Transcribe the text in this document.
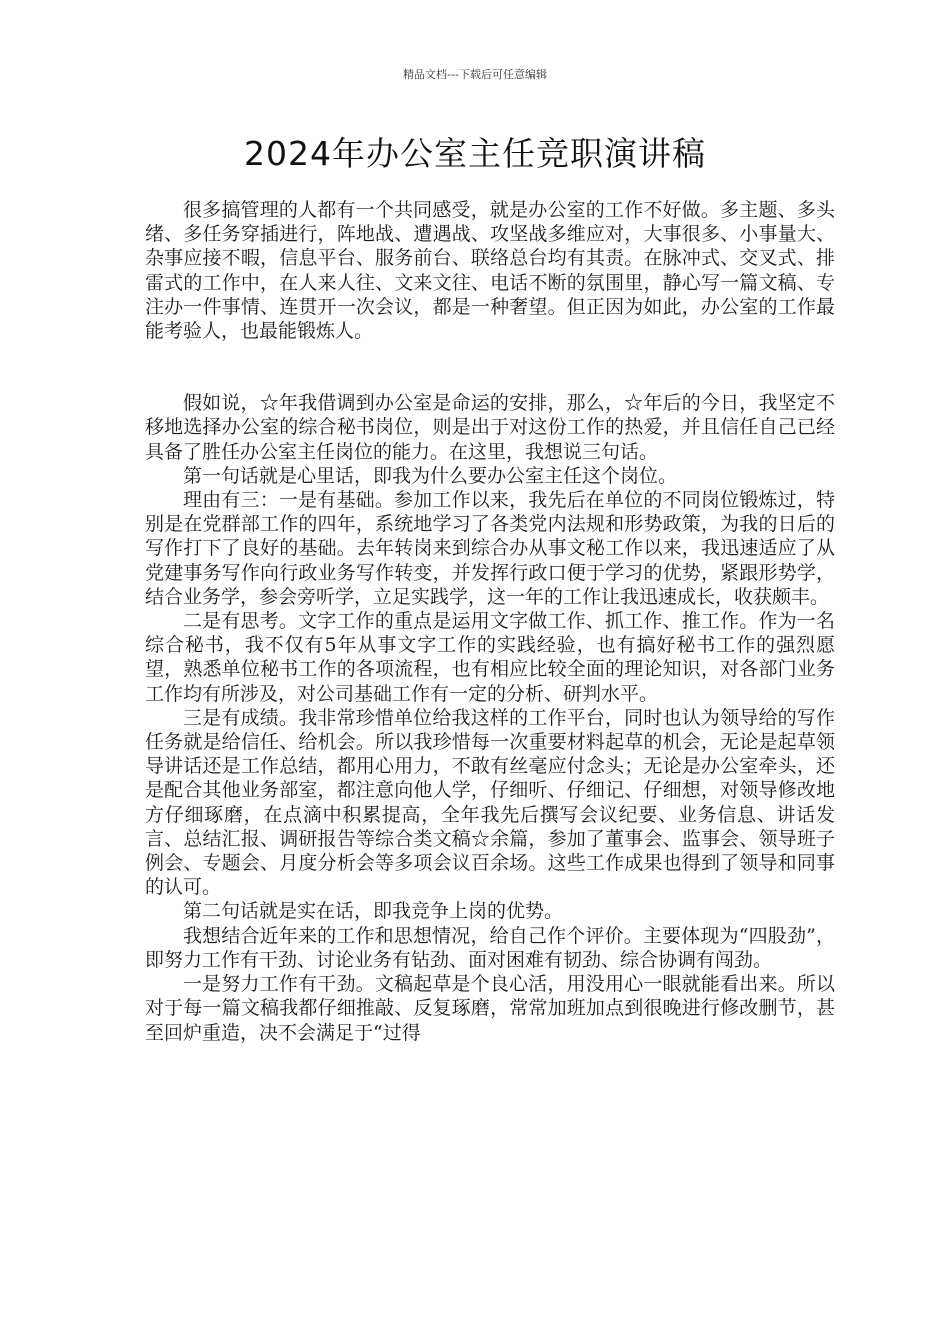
精品文档---下载后可任意编辑
2024年办公室主任竞职演讲稿

很多搞管理的人都有一个共同感受，就是办公室的工作不好做。多主题、多头绪、多任务穿插进行，阵地战、遭遇战、攻坚战多维应对，大事很多、小事量大、杂事应接不暇，信息平台、服务前台、联络总台均有其责。在脉冲式、交叉式、排雷式的工作中，在人来人往、文来文往、电话不断的氛围里，静心写一篇文稿、专注办一件事情、连贯开一次会议，都是一种奢望。但正因为如此，办公室的工作最能考验人，也最能锻炼人。

假如说，☆年我借调到办公室是命运的安排，那么，☆年后的今日，我坚定不移地选择办公室的综合秘书岗位，则是出于对这份工作的热爱，并且信任自己已经具备了胜任办公室主任岗位的能力。在这里，我想说三句话。

第一句话就是心里话，即我为什么要办公室主任这个岗位。

理由有三：一是有基础。参加工作以来，我先后在单位的不同岗位锻炼过，特别是在党群部工作的四年，系统地学习了各类党内法规和形势政策，为我的日后的写作打下了良好的基础。去年转岗来到综合办从事文秘工作以来，我迅速适应了从党建事务写作向行政业务写作转变，并发挥行政口便于学习的优势，紧跟形势学，结合业务学，参会旁听学，立足实践学，这一年的工作让我迅速成长，收获颇丰。

二是有思考。文字工作的重点是运用文字做工作、抓工作、推工作。作为一名综合秘书，我不仅有5年从事文字工作的实践经验，也有搞好秘书工作的强烈愿望，熟悉单位秘书工作的各项流程，也有相应比较全面的理论知识，对各部门业务工作均有所涉及，对公司基础工作有一定的分析、研判水平。

三是有成绩。我非常珍惜单位给我这样的工作平台，同时也认为领导给的写作任务就是给信任、给机会。所以我珍惜每一次重要材料起草的机会，无论是起草领导讲话还是工作总结，都用心用力，不敢有丝毫应付念头；无论是办公室牵头，还是配合其他业务部室，都注意向他人学，仔细听、仔细记、仔细想，对领导修改地方仔细琢磨，在点滴中积累提高，全年我先后撰写会议纪要、业务信息、讲话发言、总结汇报、调研报告等综合类文稿☆余篇，参加了董事会、监事会、领导班子例会、专题会、月度分析会等多项会议百余场。这些工作成果也得到了领导和同事的认可。

第二句话就是实在话，即我竞争上岗的优势。

我想结合近年来的工作和思想情况，给自己作个评价。主要体现为“四股劲”，即努力工作有干劲、讨论业务有钻劲、面对困难有韧劲、综合协调有闯劲。

一是努力工作有干劲。文稿起草是个良心活，用没用心一眼就能看出来。所以对于每一篇文稿我都仔细推敲、反复琢磨，常常加班加点到很晚进行修改删节，甚至回炉重造，决不会满足于“过得
